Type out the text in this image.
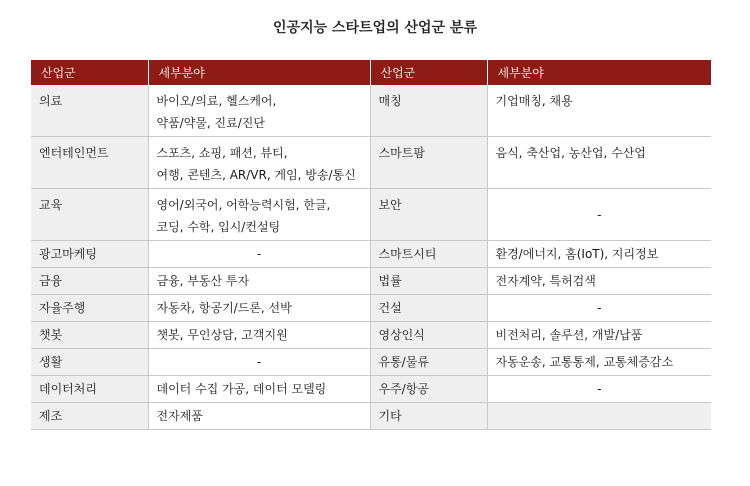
인공지능 스타트업의 산업군 분류
산업군	세부분야	산업군	세부분야
의료	바이오/의료, 헬스케어,
약품/약물, 진료/진단	매칭	기업매칭, 채용

엔터테인먼트	스포츠, 쇼핑, 패션, 뷰티,
여행, 콘텐츠, AR/VR, 게임, 방송/통신	스마트팜	음식, 축산업, 농산업, 수산업

교육	영어/외국어, 어학능력시험, 한글,
코딩, 수학, 입시/컨설팅	보안	-
광고마케팅	-	스마트시티	환경/에너지, 홈(IoT), 지리정보

금융	금융, 부동산 투자	법률	전자계약, 특허검색

자율주행	자동차, 항공기/드론, 선박	건설	-
챗봇	챗봇, 무인상담, 고객지원	영상인식	비전처리, 솔루션, 개발/납품

생활	-	유통/물류	자동운송, 교통통제, 교통체증감소

데이터처리	데이터 수집 가공, 데이터 모델링	우주/항공	-
제조	전자제품	기타	
